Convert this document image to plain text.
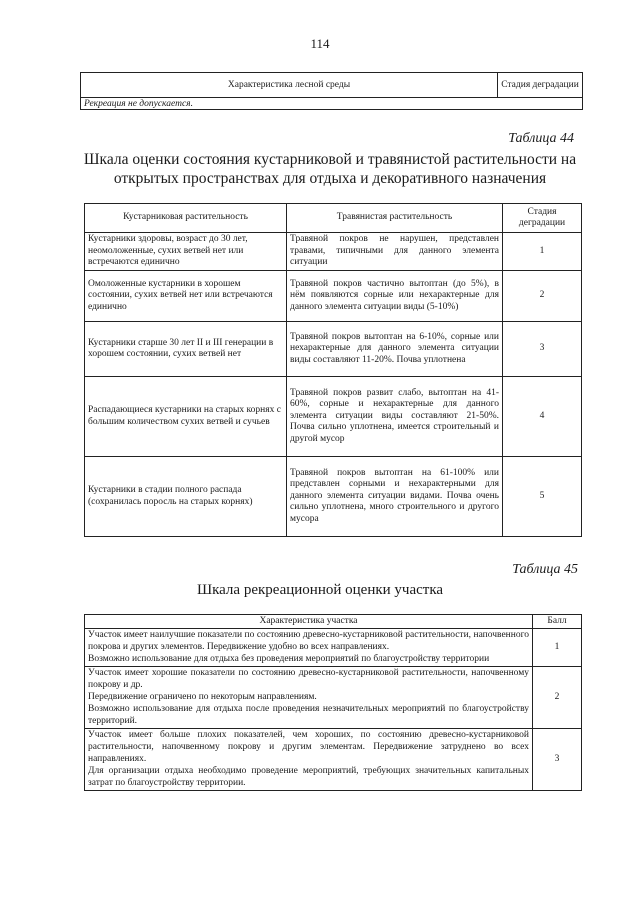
114
Характеристика лесной среды	Стадия деградации
Рекреация не допускается.
Таблица 44
Шкала оценки состояния кустарниковой и травянистой растительности на открытых пространствах для отдыха и декоративного назначения
Кустарниковая растительность	Травянистая растительность	Стадия деградации
Кустарники здоровы, возраст до 30 лет, неомоложенные, сухих ветвей нет или встречаются единично	Травяной покров не нарушен, представлен травами, типичными для данного элемента ситуации	1
Омоложенные кустарники в хорошем состоянии, сухих ветвей нет или встречаются единично	Травяной покров частично вытоптан (до 5%), в нём появляются сорные или нехарактерные для данного элемента ситуации виды (5-10%)	2
Кустарники старше 30 лет II и III генерации в хорошем состоянии, сухих ветвей нет	Травяной покров вытоптан на 6-10%, сорные или нехарактерные для данного элемента ситуации виды составляют 11-20%. Почва уплотнена	3
Распадающиеся кустарники на старых корнях с большим количеством сухих ветвей и сучьев	Травяной покров развит слабо, вытоптан на 41-60%, сорные и нехарактерные для данного элемента ситуации виды составляют 21-50%. Почва сильно уплотнена, имеется строительный и другой мусор	4
Кустарники в стадии полного распада (сохранилась поросль на старых корнях)	Травяной покров вытоптан на 61-100% или представлен сорными и нехарактерными для данного элемента ситуации видами. Почва очень сильно уплотнена, много строительного и другого мусора	5
Таблица 45
Шкала рекреационной оценки участка
Характеристика участка	Балл

Участок имеет наилучшие показатели по состоянию древесно-кустарниковой растительности, напочвенного покрова и других элементов. Передвижение удобно во всех направлениях.

Возможно использование для отдыха без проведения мероприятий по благоустройству территории	1

Участок имеет хорошие показатели по состоянию древесно-кустарниковой растительности, напочвенному покрову и др.

Передвижение ограничено по некоторым направлениям.

Возможно использование для отдыха после проведения незначительных мероприятий по благоустройству территорий.	2

Участок имеет больше плохих показателей, чем хороших, по состоянию древесно-кустарниковой растительности, напочвенному покрову и другим элементам. Передвижение затруднено во всех направлениях.

Для организации отдыха необходимо проведение мероприятий, требующих значительных капитальных затрат по благоустройству территории.	3
